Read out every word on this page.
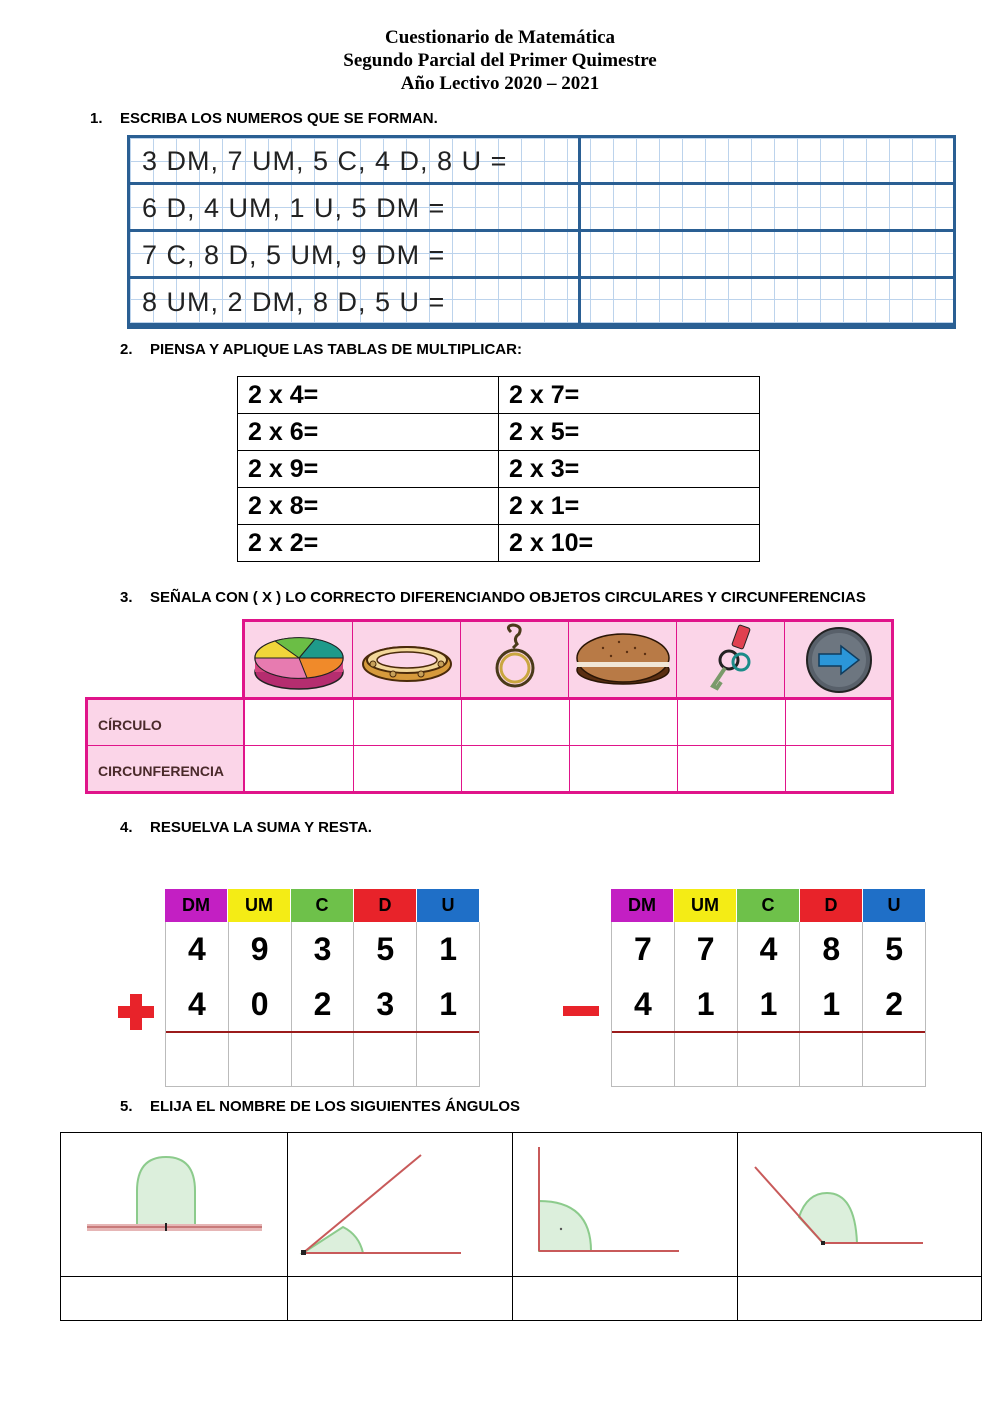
Cuestionario de Matemática
Segundo Parcial del Primer Quimestre
Año Lectivo 2020 – 2021
1. ESCRIBA LOS NUMEROS QUE SE FORMAN.
3 DM, 7 UM, 5 C, 4 D, 8 U =
6 D, 4 UM, 1 U, 5 DM =
7 C, 8 D, 5 UM, 9 DM =
8 UM, 2 DM, 8 D, 5 U =
2. PIENSA Y APLIQUE LAS TABLAS DE MULTIPLICAR:
2 x 4=	2 x 7=
2 x 6=	2 x 5=
2 x 9=	2 x 3=
2 x 8=	2 x 1=
2 x 2=	2 x 10=
3. SEÑALA CON ( X ) LO CORRECTO DIFERENCIANDO OBJETOS CIRCULARES Y CIRCUNFERENCIAS
CÍRCULO
CIRCUNFERENCIA
4. RESUELVA LA SUMA Y RESTA.
DM	UM	C	D	U
4	9	3	5	1
4	0	2	3	1
DM	UM	C	D	U
7	7	4	8	5
4	1	1	1	2
5. ELIJA EL NOMBRE DE LOS SIGUIENTES ÁNGULOS
